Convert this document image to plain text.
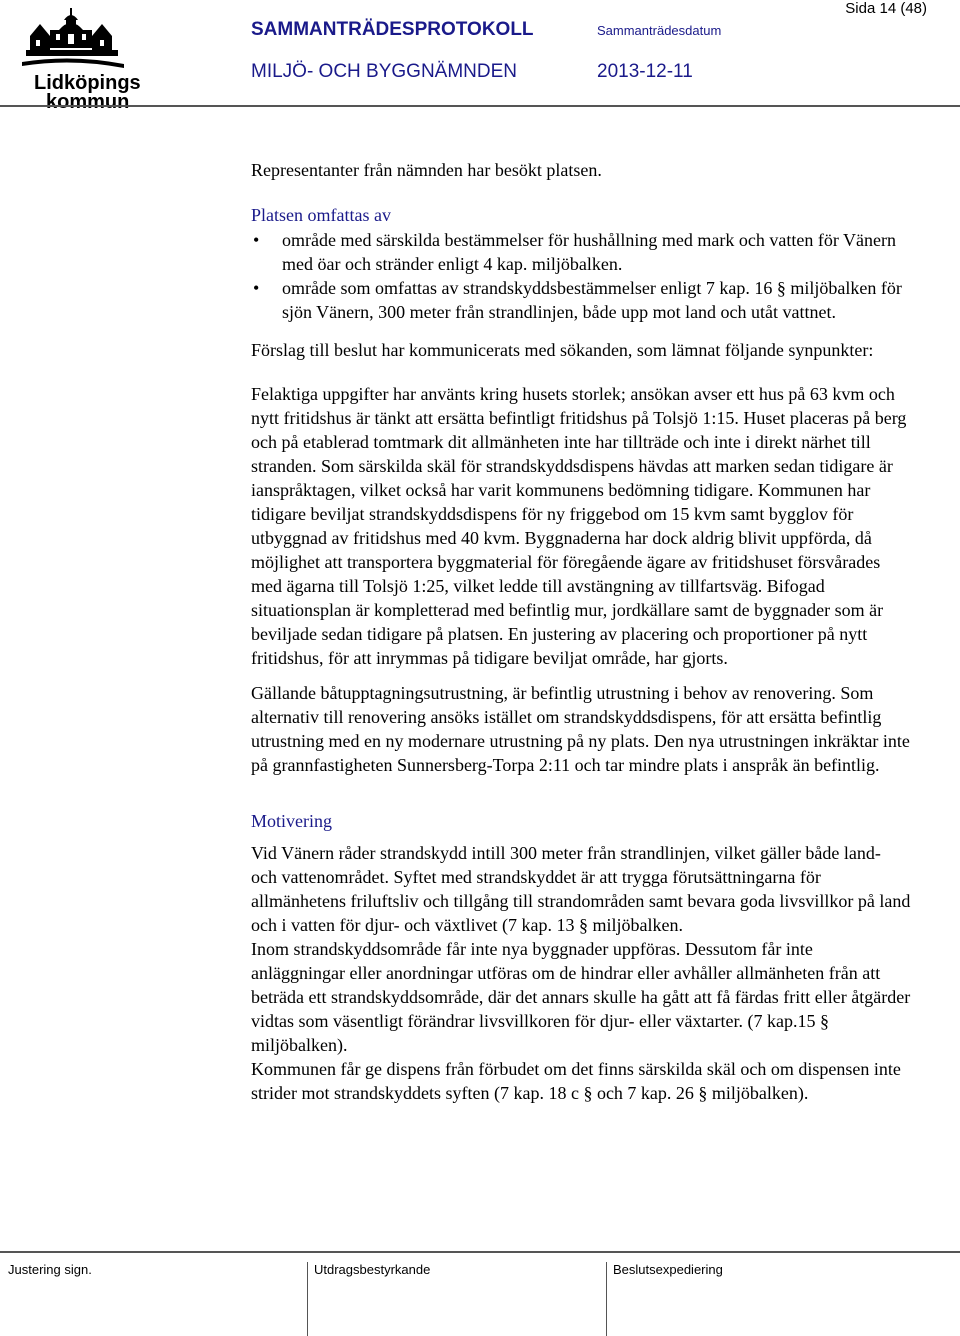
Lidköpings
kommun
Sida 14 (48)
SAMMANTRÄDESPROTOKOLL	Sammanträdesdatum
MILJÖ- OCH BYGGNÄMNDEN	2013-12-11

Representanter från nämnden har besökt platsen.

Platsen omfattas av

• område med särskilda bestämmelser för hushållning med mark och vatten för Vänern med öar och stränder enligt 4 kap. miljöbalken.
• område som omfattas av strandskyddsbestämmelser enligt 7 kap. 16 § miljöbalken för sjön Vänern, 300 meter från strandlinjen, både upp mot land och utåt vattnet.

Förslag till beslut har kommunicerats med sökanden, som lämnat följande synpunkter:

Felaktiga uppgifter har använts kring husets storlek; ansökan avser ett hus på 63 kvm och nytt fritidshus är tänkt att ersätta befintligt fritidshus på Tolsjö 1:15. Huset placeras på berg och på etablerad tomtmark dit allmänheten inte har tillträde och inte i direkt närhet till stranden. Som särskilda skäl för strandskyddsdispens hävdas att marken sedan tidigare är ianspråktagen, vilket också har varit kommunens bedömning tidigare. Kommunen har tidigare beviljat strandskyddsdispens för ny friggebod om 15 kvm samt bygglov för utbyggnad av fritidshus med 40 kvm. Byggnaderna har dock aldrig blivit uppförda, då möjlighet att transportera byggmaterial för föregående ägare av fritidshuset försvårades med ägarna till Tolsjö 1:25, vilket ledde till avstängning av tillfartsväg. Bifogad situationsplan är kompletterad med befintlig mur, jordkällare samt de byggnader som är beviljade sedan tidigare på platsen. En justering av placering och proportioner på nytt fritidshus, för att inrymmas på tidigare beviljat område, har gjorts.

Gällande båtupptagningsutrustning, är befintlig utrustning i behov av renovering. Som alternativ till renovering ansöks istället om strandskyddsdispens, för att ersätta befintlig utrustning med en ny modernare utrustning på ny plats. Den nya utrustningen inkräktar inte på grannfastigheten Sunnersberg-Torpa 2:11 och tar mindre plats i anspråk än befintlig.

Motivering

Vid Vänern råder strandskydd intill 300 meter från strandlinjen, vilket gäller både land- och vattenområdet. Syftet med strandskyddet är att trygga förutsättningarna för allmänhetens friluftsliv och tillgång till strandområden samt bevara goda livsvillkor på land och i vatten för djur- och växtlivet (7 kap. 13 § miljöbalken.

Inom strandskyddsområde får inte nya byggnader uppföras. Dessutom får inte anläggningar eller anordningar utföras om de hindrar eller avhåller allmänheten från att beträda ett strandskyddsområde, där det annars skulle ha gått att få färdas fritt eller åtgärder vidtas som väsentligt förändrar livsvillkoren för djur- eller växtarter. (7 kap.15 § miljöbalken).

Kommunen får ge dispens från förbudet om det finns särskilda skäl och om dispensen inte strider mot strandskyddets syften (7 kap. 18 c § och 7 kap. 26 § miljöbalken).

Justering sign.	Utdragsbestyrkande	Beslutsexpediering
